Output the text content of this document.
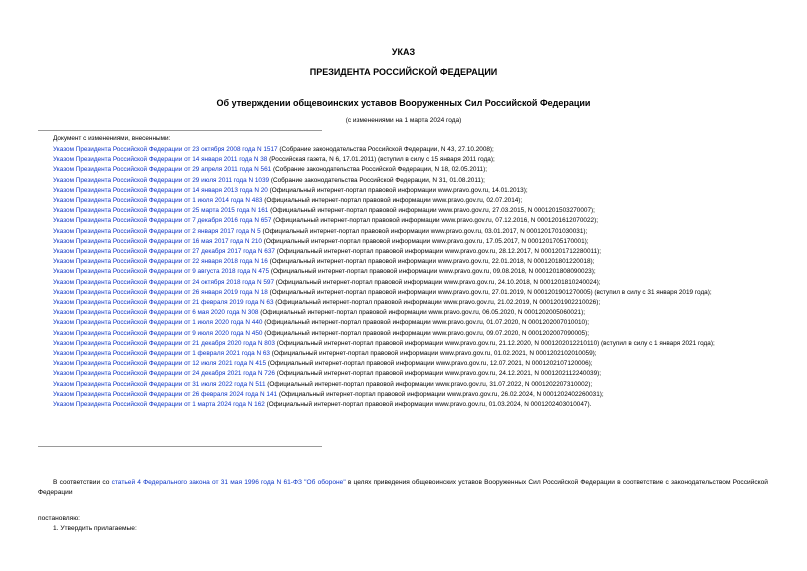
УКАЗ
ПРЕЗИДЕНТА РОССИЙСКОЙ ФЕДЕРАЦИИ
Об утверждении общевоинских уставов Вооруженных Сил Российской Федерации
(с изменениями на 1 марта 2024 года)
Документ с изменениями, внесенными:
Указом Президента Российской Федерации от 23 октября 2008 года N 1517 (Собрание законодательства Российской Федерации, N 43, 27.10.2008);
Указом Президента Российской Федерации от 14 января 2011 года N 38 (Российская газета, N 6, 17.01.2011) (вступил в силу с 15 января 2011 года);
Указом Президента Российской Федерации от 29 апреля 2011 года N 561 (Собрание законодательства Российской Федерации, N 18, 02.05.2011);
Указом Президента Российской Федерации от 29 июля 2011 года N 1039 (Собрание законодательства Российской Федерации, N 31, 01.08.2011);
Указом Президента Российской Федерации от 14 января 2013 года N 20 (Официальный интернет-портал правовой информации www.pravo.gov.ru, 14.01.2013);
Указом Президента Российской Федерации от 1 июля 2014 года N 483 (Официальный интернет-портал правовой информации www.pravo.gov.ru, 02.07.2014);
Указом Президента Российской Федерации от 25 марта 2015 года N 161 (Официальный интернет-портал правовой информации www.pravo.gov.ru, 27.03.2015, N 0001201503270007);
Указом Президента Российской Федерации от 7 декабря 2016 года N 657 (Официальный интернет-портал правовой информации www.pravo.gov.ru, 07.12.2016, N 0001201612070022);
Указом Президента Российской Федерации от 2 января 2017 года N 5 (Официальный интернет-портал правовой информации www.pravo.gov.ru, 03.01.2017, N 0001201701030031);
Указом Президента Российской Федерации от 16 мая 2017 года N 210 (Официальный интернет-портал правовой информации www.pravo.gov.ru, 17.05.2017, N 0001201705170001);
Указом Президента Российской Федерации от 27 декабря 2017 года N 637 (Официальный интернет-портал правовой информации www.pravo.gov.ru, 28.12.2017, N 0001201712280011);
Указом Президента Российской Федерации от 22 января 2018 года N 16 (Официальный интернет-портал правовой информации www.pravo.gov.ru, 22.01.2018, N 0001201801220018);
Указом Президента Российской Федерации от 9 августа 2018 года N 475 (Официальный интернет-портал правовой информации www.pravo.gov.ru, 09.08.2018, N 0001201808090023);
Указом Президента Российской Федерации от 24 октября 2018 года N 597 (Официальный интернет-портал правовой информации www.pravo.gov.ru, 24.10.2018, N 0001201810240024);
Указом Президента Российской Федерации от 26 января 2019 года N 18 (Официальный интернет-портал правовой информации www.pravo.gov.ru, 27.01.2019, N 0001201901270005) (вступил в силу с 31 января 2019 года);
Указом Президента Российской Федерации от 21 февраля 2019 года N 63 (Официальный интернет-портал правовой информации www.pravo.gov.ru, 21.02.2019, N 0001201902210026);
Указом Президента Российской Федерации от 6 мая 2020 года N 308 (Официальный интернет-портал правовой информации www.pravo.gov.ru, 06.05.2020, N 0001202005060021);
Указом Президента Российской Федерации от 1 июля 2020 года N 440 (Официальный интернет-портал правовой информации www.pravo.gov.ru, 01.07.2020, N 0001202007010010);
Указом Президента Российской Федерации от 9 июля 2020 года N 450 (Официальный интернет-портал правовой информации www.pravo.gov.ru, 09.07.2020, N 0001202007090005);
Указом Президента Российской Федерации от 21 декабря 2020 года N 803 (Официальный интернет-портал правовой информации www.pravo.gov.ru, 21.12.2020, N 0001202012210110) (вступил в силу с 1 января 2021 года);
Указом Президента Российской Федерации от 1 февраля 2021 года N 63 (Официальный интернет-портал правовой информации www.pravo.gov.ru, 01.02.2021, N 0001202102010059);
Указом Президента Российской Федерации от 12 июля 2021 года N 415 (Официальный интернет-портал правовой информации www.pravo.gov.ru, 12.07.2021, N 0001202107120006);
Указом Президента Российской Федерации от 24 декабря 2021 года N 726 (Официальный интернет-портал правовой информации www.pravo.gov.ru, 24.12.2021, N 0001202112240039);
Указом Президента Российской Федерации от 31 июля 2022 года N 511 (Официальный интернет-портал правовой информации www.pravo.gov.ru, 31.07.2022, N 0001202207310002);
Указом Президента Российской Федерации от 26 февраля 2024 года N 141 (Официальный интернет-портал правовой информации www.pravo.gov.ru, 26.02.2024, N 0001202402260031);
Указом Президента Российской Федерации от 1 марта 2024 года N 162 (Официальный интернет-портал правовой информации www.pravo.gov.ru, 01.03.2024, N 0001202403010047).
В соответствии со статьей 4 Федерального закона от 31 мая 1996 года N 61-ФЗ "Об обороне" в целях приведения общевоинских уставов Вооруженных Сил Российской Федерации в соответствие с законодательством Российской Федерации
постановляю:
1. Утвердить прилагаемые:
